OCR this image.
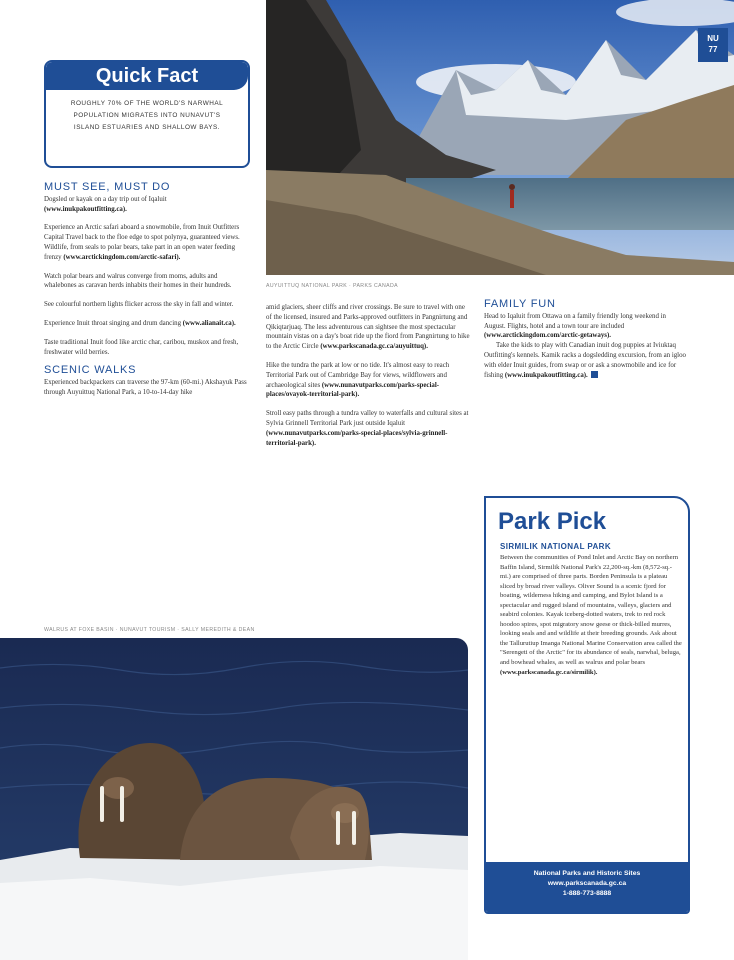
NU
77
AUYUITTUQ NATIONAL PARK · PARKS CANADA
Quick Fact
ROUGHLY 70% OF THE WORLD'S NARWHAL POPULATION MIGRATES INTO NUNAVUT'S ISLAND ESTUARIES AND SHALLOW BAYS.
MUST SEE, MUST DO

Dogsled or kayak on a day trip out of Iqaluit (www.inukpakoutfitting.ca).

Experience an Arctic safari aboard a snowmobile, from Inuit Outfitters Capital Travel back to the floe edge to spot polynya, guaranteed views. Wildlife, from seals to polar bears, take part in an open water feeding frenzy (www.arctickingdom.com/arctic-safari).

Watch polar bears and walrus converge from moms, adults and whalebones as caravan herds inhabits their homes in their hundreds.

See colourful northern lights flicker across the sky in fall and winter.

Experience Inuit throat singing and drum dancing (www.alianait.ca).

Taste traditional Inuit food like arctic char, caribou, muskox and fresh, freshwater wild berries.

SCENIC WALKS

Experienced backpackers can traverse the 97-km (60-mi.) Akshayuk Pass through Auyuittuq National Park, a 10-to-14-day hike

amid glaciers, sheer cliffs and river crossings. Be sure to travel with one of the licensed, insured and Parks-approved outfitters in Pangnirtung and Qikiqtarjuaq. The less adventurous can sightsee the most spectacular mountain vistas on a day's boat ride up the fiord from Pangnirtung to hike to the Arctic Circle (www.parkscanada.gc.ca/auyuittuq).

Hike the tundra the park at low or no tide. It's almost easy to reach Territorial Park out of Cambridge Bay for views, wildflowers and archaeological sites (www.nunavutparks.com/parks-special-places/ovayok-territorial-park).

Stroll easy paths through a tundra valley to waterfalls and cultural sites at Sylvia Grinnell Territorial Park just outside Iqaluit (www.nunavutparks.com/parks-special-places/sylvia-grinnell-territorial-park).

FAMILY FUN

Head to Iqaluit from Ottawa on a family friendly long weekend in August. Flights, hotel and a town tour are included (www.arctickingdom.com/arctic-getaways).

Take the kids to play with Canadian inuit dog puppies at Iviuktaq Outfitting's kennels. Kamik racks a dogsledding excursion, from an igloo with elder Inuit guides, from swap or or ask a snowmobile and ice for fishing (www.inukpakoutfitting.ca).

Park Pick
SIRMILIK NATIONAL PARK
Between the communities of Pond Inlet and Arctic Bay on northern Baffin Island, Sirmilik National Park's 22,200-sq.-km (8,572-sq.-mi.) are comprised of three parts. Borden Peninsula is a plateau sliced by broad river valleys. Oliver Sound is a scenic fjord for boating, wilderness hiking and camping, and Bylot Island is a spectacular and rugged island of mountains, valleys, glaciers and seabird colonies. Kayak iceberg-dotted waters, trek to red rock hoodoo spires, spot migratory snow geese or thick-billed murres, looking seals and and wildlife at their breeding grounds. Ask about the Tallurutiup Imanga National Marine Conservation area called the "Serengeti of the Arctic" for its abundance of seals, narwhal, beluga, and bowhead whales, as well as walrus and polar bears (www.parkscanada.gc.ca/sirmilik).
National Parks and Historic Sites
www.parkscanada.gc.ca
1-888-773-8888
WALRUS AT FOXE BASIN · NUNAVUT TOURISM · SALLY MEREDITH & DEAN
